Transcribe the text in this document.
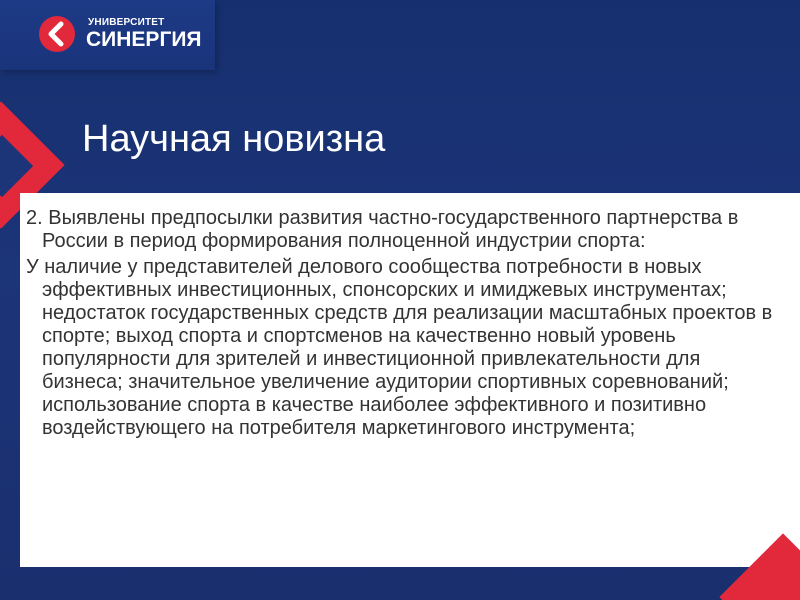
УНИВЕРСИТЕТ
СИНЕРГИЯ
Научная новизна

2. Выявлены предпосылки развития частно-государственного партнерства в России в период формирования полноценной индустрии спорта:

У наличие у представителей делового сообщества потребности в новых эффективных инвестиционных, спонсорских и имиджевых инструментах; недостаток государственных средств для реализации масштабных проектов в спорте; выход спорта и спортсменов на качественно новый уровень популярности для зрителей и инвестиционной привлекательности для бизнеса; значительное увеличение аудитории спортивных соревнований; использование спорта в качестве наиболее эффективного и позитивно воздействующего на потребителя маркетингового инструмента;
